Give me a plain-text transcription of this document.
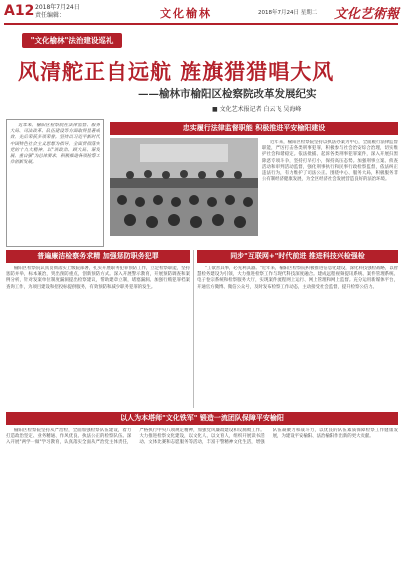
A12 2018年7月24日
责任编辑：	文化榆林	2018年7月24日 星期二 文化艺術報
"文化榆林"法治建设巡礼
风清舵正自远航 旌旗猎猎唱大风
——榆林市榆阳区检察院改革发展纪实
■ 文化艺术报记者 白云飞 吴海峰

近年来，榆阳区检察院在法律监督、服务大局、司法改革、队伍建设等方面取得显著成效，先后荣获多项荣誉。坚持以习近平新时代中国特色社会主义思想为指导，全面贯彻落实党的十九大精神，以"讲政治、顾大局、谋发展、重自强"为总体要求，积极推进各项检察工作创新发展。

忠实履行法律监督职能 积极推进平安榆阳建设

近年来，榆阳区检察院坚持以执法办案为中心，全面履行法律监督职能，严厉打击各类刑事犯罪，积极参与社会治安综合治理，切实维护社会和谐稳定。依法批捕、起诉各类刑事犯罪案件，深入开展扫黑除恶专项斗争，坚持打早打小，保持高压态势。加强刑事立案、侦查活动和审判活动监督，强化刑事执行和民事行政检察监督，依法纠正违法行为，有力维护了司法公正。围绕中心、服务大局，积极服务非公有制经济健康发展，为全区经济社会发展营造良好的法治环境。

普遍廉洁检察务求精 加强惩防职务犯罪

榆阳区检察院认真贯彻落实上级院部署，扎实开展职务犯罪预防工作，立足检察职能，坚持惩防并举，标本兼治，突出预防重点，创新预防方式。深入开展警示教育，开展预防调查和案例分析，针对发案单位制度漏洞提出检察建议，帮助建章立制，堵塞漏洞。加强行贿犯罪档案查询工作，为项目建设和招投标提供服务，有效预防和减少职务犯罪的发生。

同步"互联网+"时代前进 推进科技兴检强检

"工欲善其事，必先利其器。"近年来，榆阳区检察院积极推进信息化建设，深化科技强检战略，以智慧检务建设为引领，大力推进检察工作与现代科技深度融合。建成远程视频提讯系统、案件管理系统、电子卷宗系统和检察服务大厅，实现案件流程网上运行、网上管理和网上监督。充分运用新媒体平台，开通官方微博、微信公众号，及时发布检察工作动态，主动接受社会监督，提升检察公信力。

以人为本塔师"文化铁军" 锻造一流团队保障平安榆阳

榆阳区检察院坚持从严治检，全面加强检察队伍建设，着力打造政治坚定、业务精通、作风优良、执法公正的检察队伍。深入开展"两学一做"学习教育，认真落实全面从严治党主体责任，严格执行中央八项规定精神，加强党风廉政建设和反腐败工作。大力推进检察文化建设，以文化人、以文育人，组织开展读书活动、文体比赛和志愿服务等活动，丰富干警精神文化生活，增强队伍凝聚力和战斗力，以优良的队伍素质保障检察工作健康发展，为建设平安榆阳、法治榆阳作出新的更大贡献。
